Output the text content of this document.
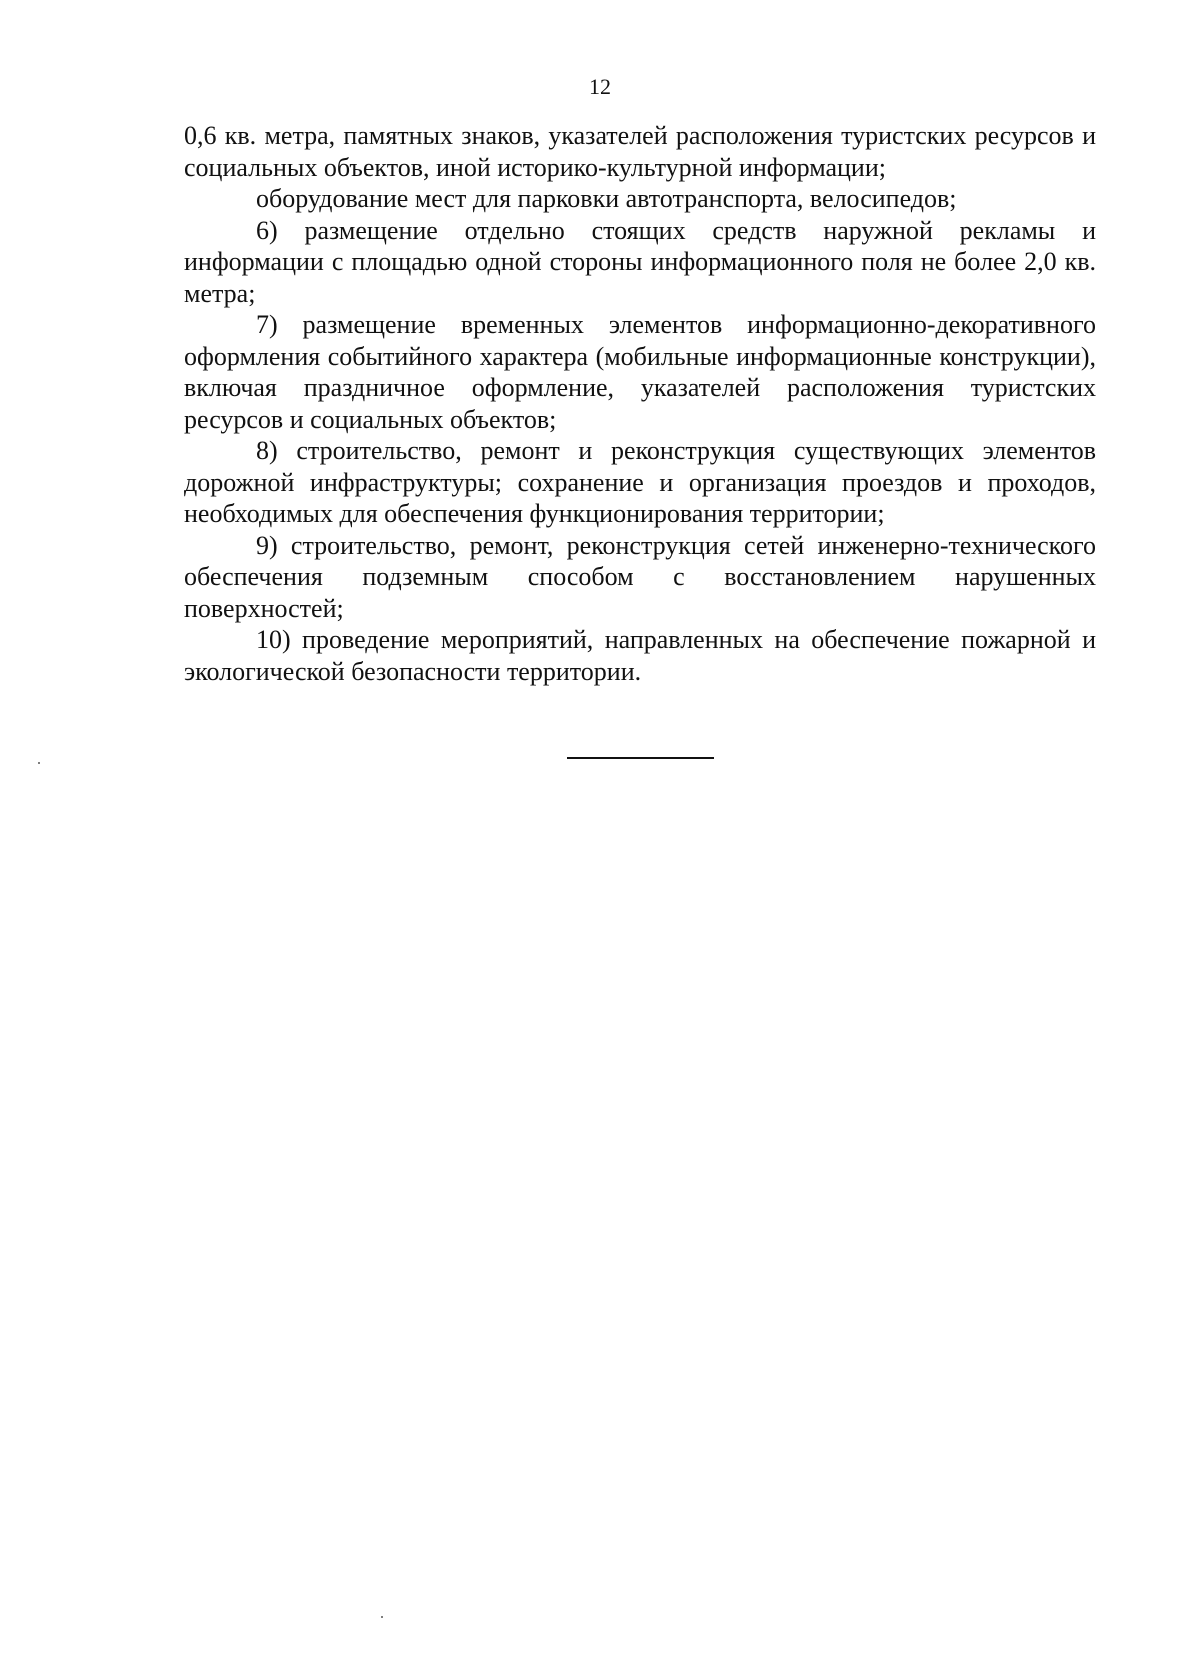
12

0,6 кв. метра, памятных знаков, указателей расположения туристских ресурсов и социальных объектов, иной историко-культурной информации;

оборудование мест для парковки автотранспорта, велосипедов;

6) размещение отдельно стоящих средств наружной рекламы и информации с площадью одной стороны информационного поля не более 2,0 кв. метра;

7) размещение временных элементов информационно-декоративного оформления событийного характера (мобильные информационные конструкции), включая праздничное оформление, указателей расположения туристских ресурсов и социальных объектов;

8) строительство, ремонт и реконструкция существующих элементов дорожной инфраструктуры; сохранение и организация проездов и проходов, необходимых для обеспечения функционирования территории;

9) строительство, ремонт, реконструкция сетей инженерно-технического обеспечения подземным способом с восстановлением нарушенных поверхностей;

10) проведение мероприятий, направленных на обеспечение пожарной и экологической безопасности территории.
